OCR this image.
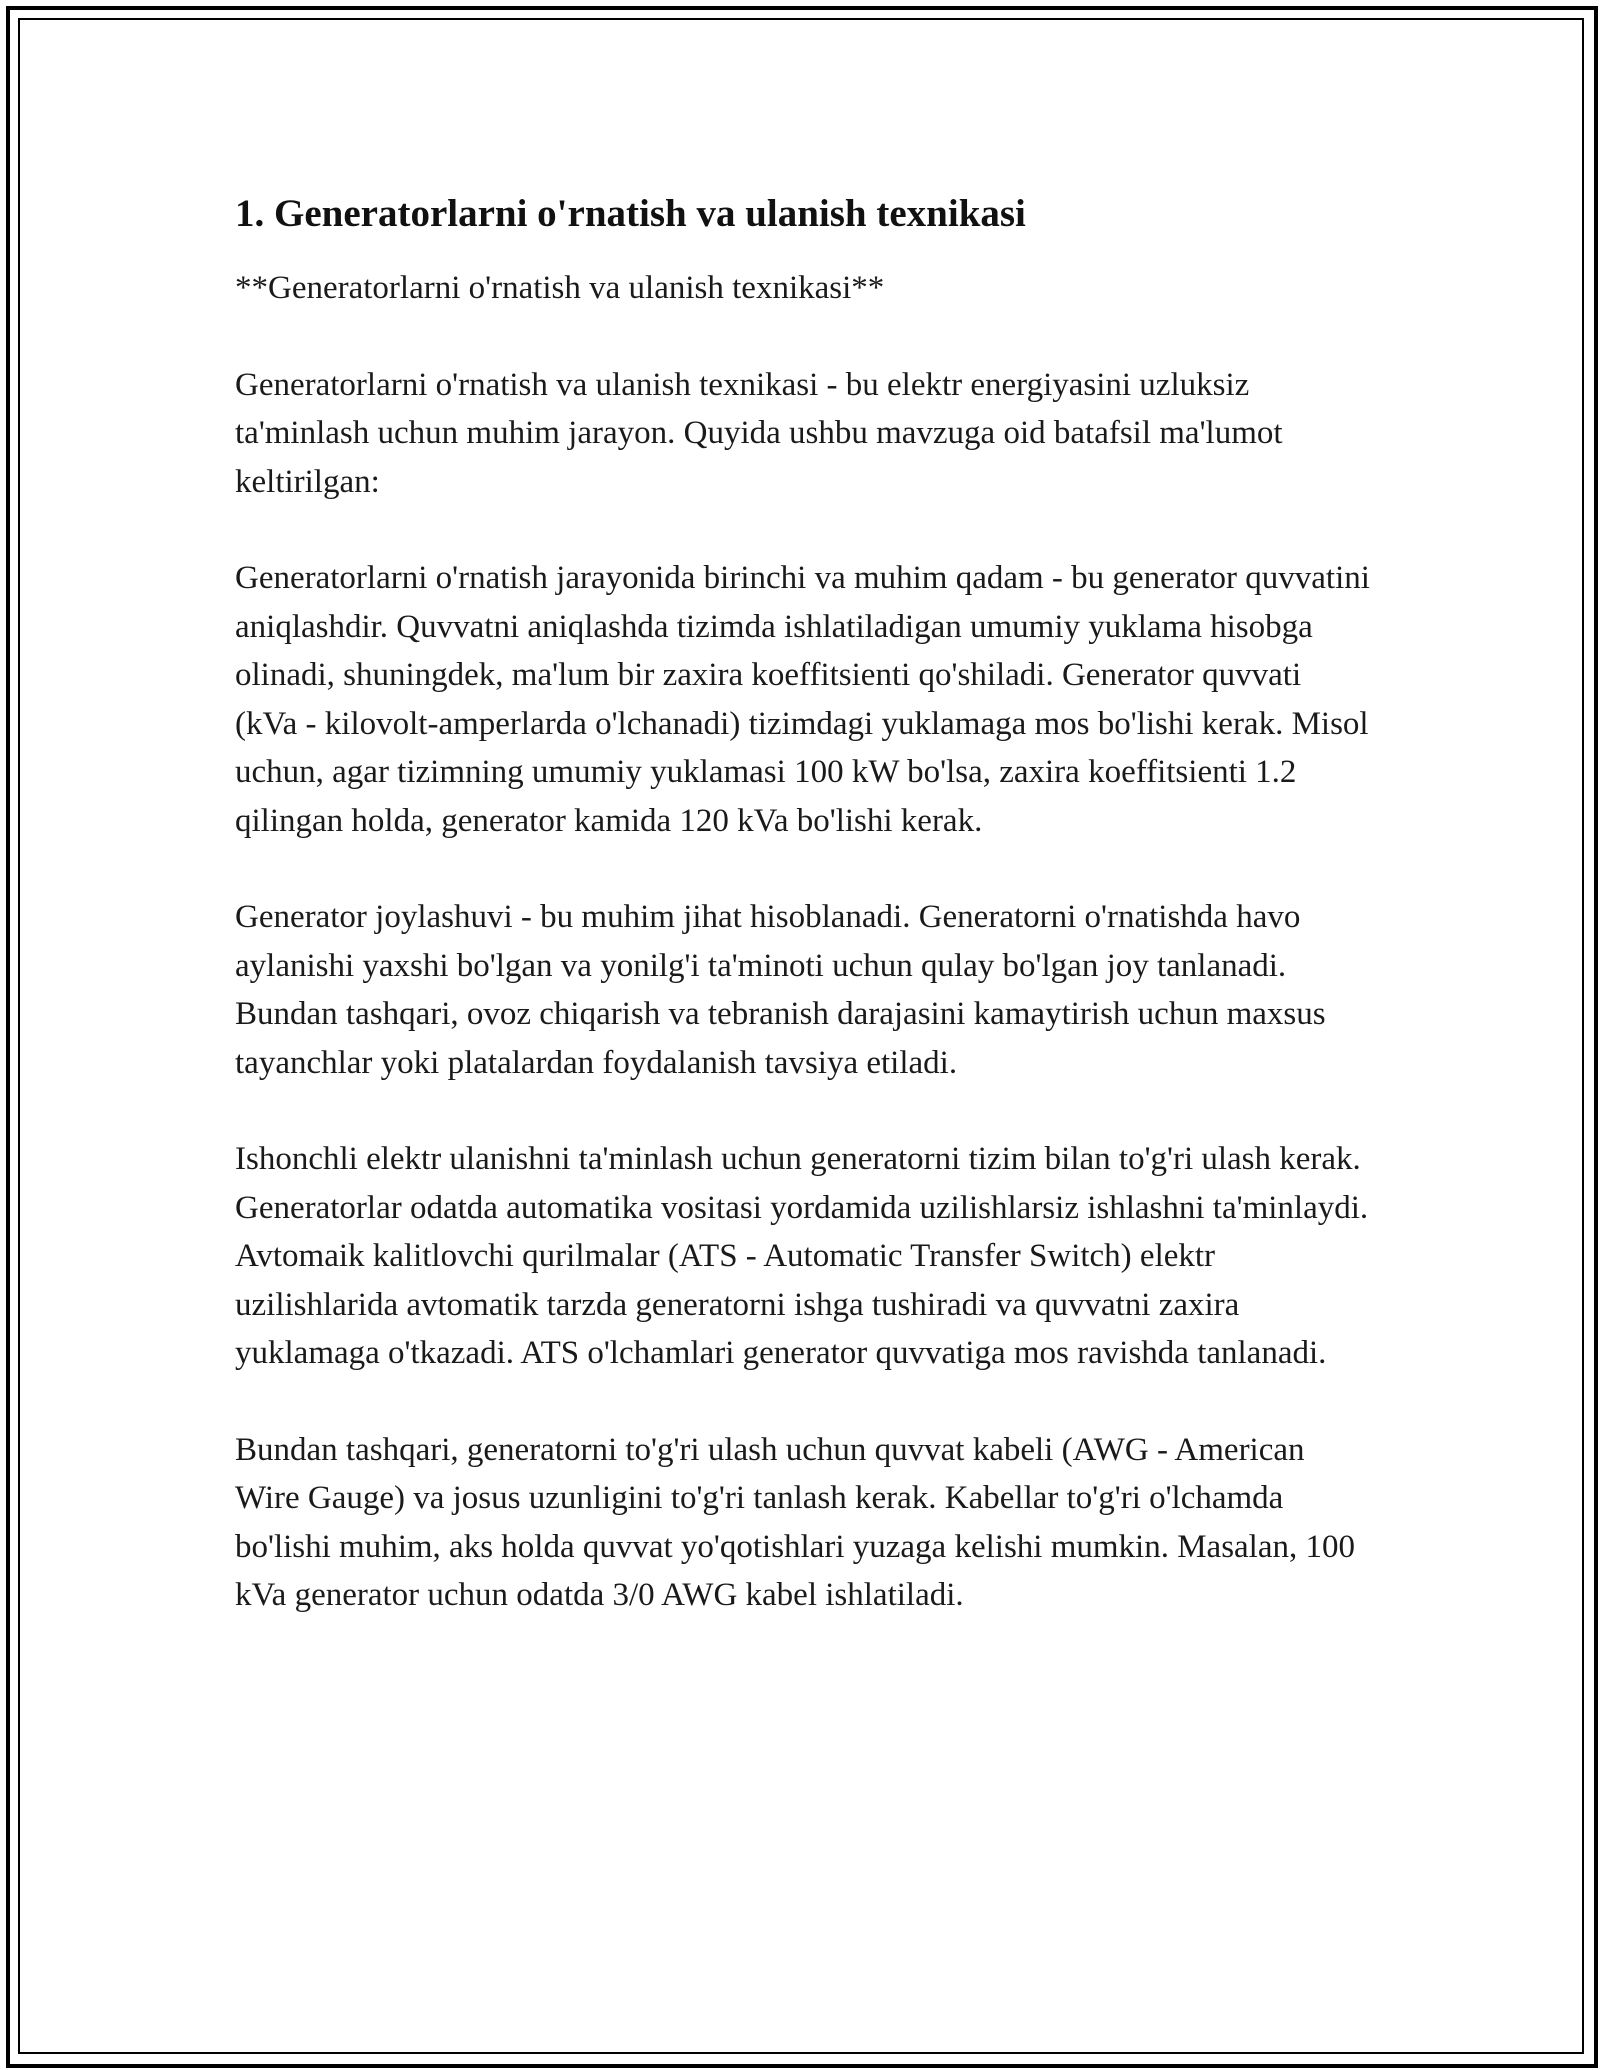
1. Generatorlarni o'rnatish va ulanish texnikasi

**Generatorlarni o'rnatish va ulanish texnikasi**

Generatorlarni o'rnatish va ulanish texnikasi - bu elektr energiyasini uzluksiz ta'minlash uchun muhim jarayon. Quyida ushbu mavzuga oid batafsil ma'lumot keltirilgan:

Generatorlarni o'rnatish jarayonida birinchi va muhim qadam - bu generator quvvatini aniqlashdir. Quvvatni aniqlashda tizimda ishlatiladigan umumiy yuklama hisobga olinadi, shuningdek, ma'lum bir zaxira koeffitsienti qo'shiladi. Generator quvvati (kVa - kilovolt-amperlarda o'lchanadi) tizimdagi yuklamaga mos bo'lishi kerak. Misol uchun, agar tizimning umumiy yuklamasi 100 kW bo'lsa, zaxira koeffitsienti 1.2 qilingan holda, generator kamida 120 kVa bo'lishi kerak.

Generator joylashuvi - bu muhim jihat hisoblanadi. Generatorni o'rnatishda havo aylanishi yaxshi bo'lgan va yonilg'i ta'minoti uchun qulay bo'lgan joy tanlanadi. Bundan tashqari, ovoz chiqarish va tebranish darajasini kamaytirish uchun maxsus tayanchlar yoki platalardan foydalanish tavsiya etiladi.

Ishonchli elektr ulanishni ta'minlash uchun generatorni tizim bilan to'g'ri ulash kerak. Generatorlar odatda automatika vositasi yordamida uzilishlarsiz ishlashni ta'minlaydi. Avtomaik kalitlovchi qurilmalar (ATS - Automatic Transfer Switch) elektr uzilishlarida avtomatik tarzda generatorni ishga tushiradi va quvvatni zaxira yuklamaga o'tkazadi. ATS o'lchamlari generator quvvatiga mos ravishda tanlanadi.

Bundan tashqari, generatorni to'g'ri ulash uchun quvvat kabeli (AWG - American Wire Gauge) va josus uzunligini to'g'ri tanlash kerak. Kabellar to'g'ri o'lchamda bo'lishi muhim, aks holda quvvat yo'qotishlari yuzaga kelishi mumkin. Masalan, 100 kVa generator uchun odatda 3/0 AWG kabel ishlatiladi.
